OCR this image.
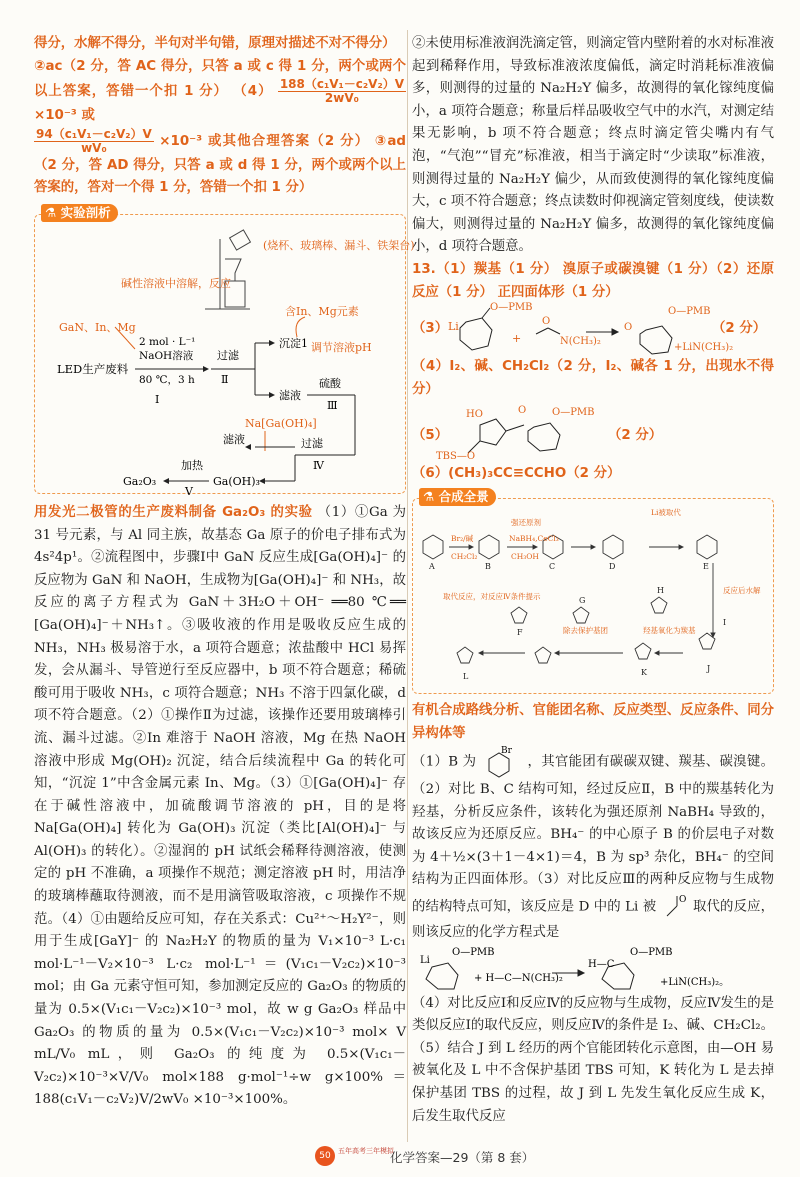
得分，水解不得分，半句对半句错，原理对描述不对不得分）

②ac（2 分，答 AC 得分，只答 a 或 c 得 1 分，两个或两个以上答案，答错一个扣 1 分） $(4) \frac{\text{188（c₁V₁－c₂V₂）V}}{\text{2wV₀}}$
×10⁻³ 或

$\frac{\text{94（c₁V₁－c₂V₂）V}}{\text{wV₀}} \times 10^{-3}$ 或其他合理答案（2 分） ③ad（2 分，答 AD 得分，只答 a 或 d 得 1 分，两个或两个以上答案的，答对一个得 1 分，答错一个扣 1 分）

⚗ 实验剖析
(烧杯、玻璃棒、漏斗、铁架台)
碱性溶液中溶解，反应
GaN、In、Mg
2 mol · L⁻¹
NaOH溶液
80 ℃，3 h
Ⅰ
LED生产废料
过滤
Ⅱ
沉淀1
含In、Mg元素
调节溶液pH
滤液
硫酸
Ⅲ
Na[Ga(OH)₄]
滤液	过滤
Ⅳ
Ga(OH)₃
加热
Ⅴ
Ga₂O₃

用发光二极管的生产废料制备 Ga₂O₃ 的实验 （1）①Ga 为 31 号元素，与 Al 同主族，故基态 Ga 原子的价电子排布式为 4s²4p¹。②流程图中，步骤Ⅰ中 GaN 反应生成[Ga(OH)₄]⁻ 的反应物为 GaN 和 NaOH，生成物为[Ga(OH)₄]⁻ 和 NH₃，故反应的离子方程式为 GaN＋3H₂O＋OH⁻ ══80 ℃══ [Ga(OH)₄]⁻＋NH₃↑。③吸收液的作用是吸收反应生成的 NH₃，NH₃ 极易溶于水，a 项符合题意；浓盐酸中 HCl 易挥发，会从漏斗、导管逆行至反应器中，b 项不符合题意；稀硫酸可用于吸收 NH₃，c 项符合题意；NH₃ 不溶于四氯化碳，d 项不符合题意。（2）①操作Ⅱ为过滤，该操作还要用玻璃棒引流、漏斗过滤。②In 难溶于 NaOH 溶液，Mg 在热 NaOH 溶液中形成 Mg(OH)₂ 沉淀，结合后续流程中 Ga 的转化可知，“沉淀 1”中含金属元素 In、Mg。（3）①[Ga(OH)₄]⁻ 存在于碱性溶液中，加硫酸调节溶液的 pH，目的是将 Na[Ga(OH)₄] 转化为 Ga(OH)₃ 沉淀（类比[Al(OH)₄]⁻ 与 Al(OH)₃ 的转化）。②湿润的 pH 试纸会稀释待测溶液，使测定的 pH 不准确，a 项操作不规范；测定溶液 pH 时，用洁净的玻璃棒蘸取待测液，而不是用滴管吸取溶液，c 项操作不规范。（4）①由题给反应可知，存在关系式：Cu²⁺～H₂Y²⁻，则用于生成[GaY]⁻ 的 Na₂H₂Y 的物质的量为 V₁×10⁻³ L·c₁ mol·L⁻¹－V₂×10⁻³ L·c₂ mol·L⁻¹＝(V₁c₁－V₂c₂)×10⁻³ mol；由 Ga 元素守恒可知，参加测定反应的 Ga₂O₃ 的物质的量为 0.5×(V₁c₁－V₂c₂)×10⁻³ mol，故 w g Ga₂O₃ 样品中 Ga₂O₃ 的物质的量为 0.5×(V₁c₁－V₂c₂)×10⁻³ mol× V mL/V₀ mL，则 Ga₂O₃ 的纯度为 0.5×(V₁c₁－V₂c₂)×10⁻³×V/V₀ mol×188 g·mol⁻¹÷w g×100%＝ 188(c₁V₁－c₂V₂)V/2wV₀ ×10⁻³×100%。

②未使用标准液润洗滴定管，则滴定管内壁附着的水对标准液起到稀释作用，导致标准液浓度偏低，滴定时消耗标准液偏多，则测得的过量的 Na₂H₂Y 偏多，故测得的氧化镓纯度偏小，a 项符合题意；称量后样品吸收空气中的水汽，对测定结果无影响，b 项不符合题意；终点时滴定管尖嘴内有气泡，“气泡”“冒充”标准液，相当于滴定时“少读取”标准液，则测得过量的 Na₂H₂Y 偏少，从而致使测得的氧化镓纯度偏大，c 项不符合题意；终点读数时仰视滴定管刻度线，使读数偏大，则测得过量的 Na₂H₂Y 偏多，故测得的氧化镓纯度偏小，d 项符合题意。

13.（1）羰基（1 分） 溴原子或碳溴键（1 分）（2）还原反应（1 分） 正四面体形（1 分）

（3） Li
O—PMB
+
O
N(CH₃)₂
O
O—PMB
+LiN(CH₃)₂
（2 分）

（4）I₂、碱、CH₂Cl₂（2 分，I₂、碱各 1 分，出现水不得分）

（5）
HO	O	O—PMB
TBS—O
（2 分）

（6）(CH₃)₃CC≡CCHO（2 分）

⚗ 合成全景
Br₂/碱
CH₂Cl₂
强还原剂
NaBH₄,CeCl₃
CH₃OH
Li被取代
取代反应，对反应Ⅳ条件提示
除去保护基团	羟基氧化为羰基
反应后水解
A	B	C	D	E
F
G
H
I
J
K
L

有机合成路线分析、官能团名称、反应类型、反应条件、同分异构体等

（1）B 为
Br
，其官能团有碳碳双键、羰基、碳溴键。（2）对比 B、C 结构可知，经过反应Ⅱ，B 中的羰基转化为羟基，分析反应条件，该转化为强还原剂 NaBH₄ 导致的，故该反应为还原反应。BH₄⁻ 的中心原子 B 的价层电子对数为 4＋½×(3＋1－4×1)＝4，B 为 sp³ 杂化，BH₄⁻ 的空间结构为正四面体形。（3）对比反应Ⅲ的两种反应物与生成物的结构特点可知，该反应是 D 中的 Li 被 O 取代的反应，则该反应的化学方程式是

Li
O—PMB
+ H—C—N(CH₃)₂
H—C
O—PMB
+LiN(CH₃)₂。

（4）对比反应Ⅰ和反应Ⅳ的反应物与生成物，反应Ⅳ发生的是类似反应Ⅰ的取代反应，则反应Ⅳ的条件是 I₂、碱、CH₂Cl₂。（5）结合 J 到 L 经历的两个官能团转化示意图，由—OH 易被氧化及 L 中不含保护基团 TBS 可知，K 转化为 L 是去掉保护基团 TBS 的过程，故 J 到 L 先发生氧化反应生成 K，后发生取代反应

50	五年高考三年模拟
化学答案—29（第 8 套）
